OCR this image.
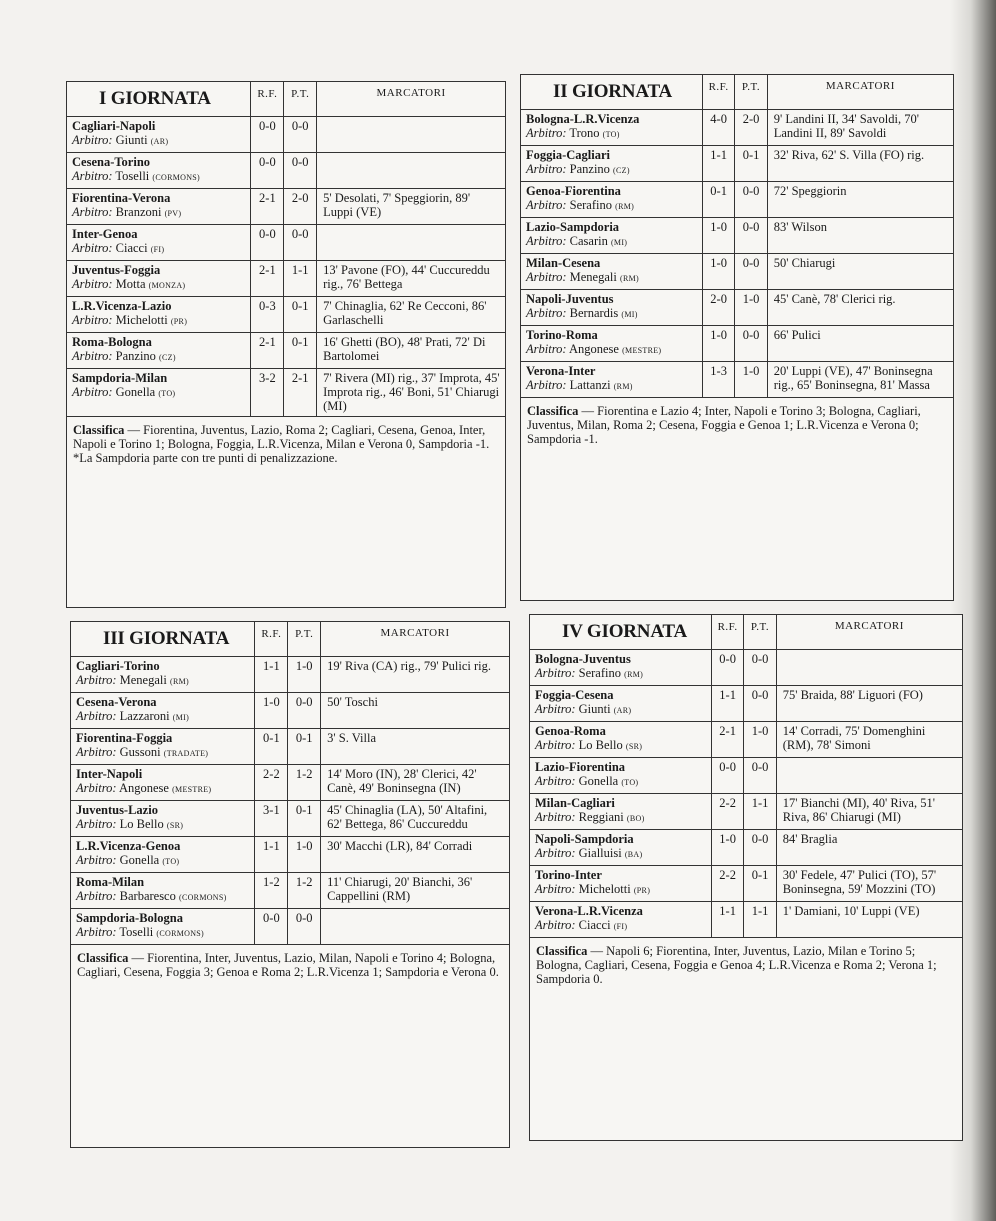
I GIORNATA	R.F.	P.T.	MARCATORI

Cagliari-Napoli
Arbitro: Giunti (AR)	0-0	0-0	

Cesena-Torino
Arbitro: Toselli (CORMONS)	0-0	0-0	

Fiorentina-Verona
Arbitro: Branzoni (PV)	2-1	2-0	5' Desolati, 7' Speggiorin, 89' Luppi (VE)

Inter-Genoa
Arbitro: Ciacci (FI)	0-0	0-0	

Juventus-Foggia
Arbitro: Motta (MONZA)	2-1	1-1	13' Pavone (FO), 44' Cuccureddu rig., 76' Bettega

L.R.Vicenza-Lazio
Arbitro: Michelotti (PR)	0-3	0-1	7' Chinaglia, 62' Re Cecconi, 86' Garlaschelli

Roma-Bologna
Arbitro: Panzino (CZ)	2-1	0-1	16' Ghetti (BO), 48' Prati, 72' Di Bartolomei

Sampdoria-Milan
Arbitro: Gonella (TO)	3-2	2-1	7' Rivera (MI) rig., 37' Improta, 45' Improta rig., 46' Boni, 51' Chiarugi (MI)
Classifica — Fiorentina, Juventus, Lazio, Roma 2; Cagliari, Cesena, Genoa, Inter, Napoli e Torino 1; Bologna, Foggia, L.R.Vicenza, Milan e Verona 0, Sampdoria -1.
*La Sampdoria parte con tre punti di penalizzazione.
II GIORNATA	R.F.	P.T.	MARCATORI

Bologna-L.R.Vicenza
Arbitro: Trono (TO)	4-0	2-0	9' Landini II, 34' Savoldi, 70' Landini II, 89' Savoldi

Foggia-Cagliari
Arbitro: Panzino (CZ)	1-1	0-1	32' Riva, 62' S. Villa (FO) rig.

Genoa-Fiorentina
Arbitro: Serafino (RM)	0-1	0-0	72' Speggiorin

Lazio-Sampdoria
Arbitro: Casarin (MI)	1-0	0-0	83' Wilson

Milan-Cesena
Arbitro: Menegali (RM)	1-0	0-0	50' Chiarugi

Napoli-Juventus
Arbitro: Bernardis (MI)	2-0	1-0	45' Canè, 78' Clerici rig.

Torino-Roma
Arbitro: Angonese (MESTRE)	1-0	0-0	66' Pulici

Verona-Inter
Arbitro: Lattanzi (RM)	1-3	1-0	20' Luppi (VE), 47' Boninsegna rig., 65' Boninsegna, 81' Massa
Classifica — Fiorentina e Lazio 4; Inter, Napoli e Torino 3; Bologna, Cagliari, Juventus, Milan, Roma 2; Cesena, Foggia e Genoa 1; L.R.Vicenza e Verona 0; Sampdoria -1.
III GIORNATA	R.F.	P.T.	MARCATORI

Cagliari-Torino
Arbitro: Menegali (RM)	1-1	1-0	19' Riva (CA) rig., 79' Pulici rig.

Cesena-Verona
Arbitro: Lazzaroni (MI)	1-0	0-0	50' Toschi

Fiorentina-Foggia
Arbitro: Gussoni (TRADATE)	0-1	0-1	3' S. Villa

Inter-Napoli
Arbitro: Angonese (MESTRE)	2-2	1-2	14' Moro (IN), 28' Clerici, 42' Canè, 49' Boninsegna (IN)

Juventus-Lazio
Arbitro: Lo Bello (SR)	3-1	0-1	45' Chinaglia (LA), 50' Altafini, 62' Bettega, 86' Cuccureddu

L.R.Vicenza-Genoa
Arbitro: Gonella (TO)	1-1	1-0	30' Macchi (LR), 84' Corradi

Roma-Milan
Arbitro: Barbaresco (CORMONS)	1-2	1-2	11' Chiarugi, 20' Bianchi, 36' Cappellini (RM)

Sampdoria-Bologna
Arbitro: Toselli (CORMONS)	0-0	0-0	
Classifica — Fiorentina, Inter, Juventus, Lazio, Milan, Napoli e Torino 4; Bologna, Cagliari, Cesena, Foggia 3; Genoa e Roma 2; L.R.Vicenza 1; Sampdoria e Verona 0.
IV GIORNATA	R.F.	P.T.	MARCATORI

Bologna-Juventus
Arbitro: Serafino (RM)	0-0	0-0	

Foggia-Cesena
Arbitro: Giunti (AR)	1-1	0-0	75' Braida, 88' Liguori (FO)

Genoa-Roma
Arbitro: Lo Bello (SR)	2-1	1-0	14' Corradi, 75' Domenghini (RM), 78' Simoni

Lazio-Fiorentina
Arbitro: Gonella (TO)	0-0	0-0	

Milan-Cagliari
Arbitro: Reggiani (BO)	2-2	1-1	17' Bianchi (MI), 40' Riva, 51' Riva, 86' Chiarugi (MI)

Napoli-Sampdoria
Arbitro: Gialluisi (BA)	1-0	0-0	84' Braglia

Torino-Inter
Arbitro: Michelotti (PR)	2-2	0-1	30' Fedele, 47' Pulici (TO), 57' Boninsegna, 59' Mozzini (TO)

Verona-L.R.Vicenza
Arbitro: Ciacci (FI)	1-1	1-1	1' Damiani, 10' Luppi (VE)
Classifica — Napoli 6; Fiorentina, Inter, Juventus, Lazio, Milan e Torino 5; Bologna, Cagliari, Cesena, Foggia e Genoa 4; L.R.Vicenza e Roma 2; Verona 1; Sampdoria 0.
